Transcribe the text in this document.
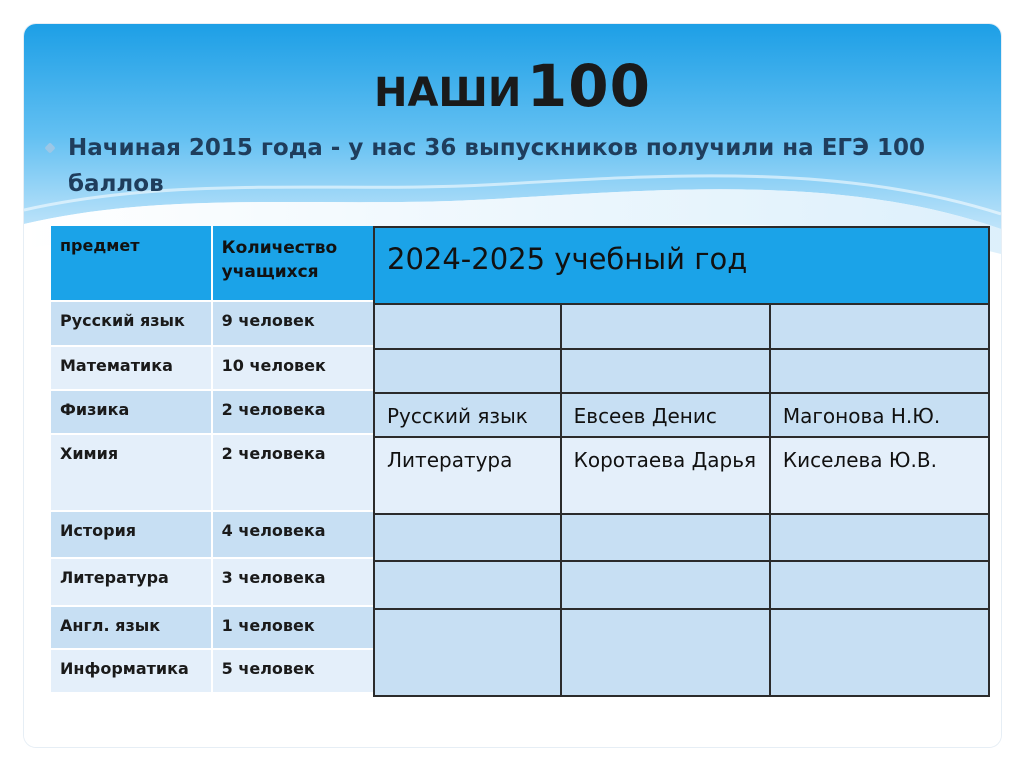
НАШИ 100
Начиная 2015 года - у нас 36 выпускников получили на ЕГЭ 100 баллов
предмет	Количество учащихся
Русский язык	9 человек
Математика	10 человек
Физика	2 человека
Химия	2 человека
История	4 человека
Литература	3 человека
Англ. язык	1 человек
Информатика	5 человек
2024-2025 учебный год		

Русский язык	Евсеев Денис	Магонова Н.Ю.
Литература	Коротаева Дарья	Киселева Ю.В.
